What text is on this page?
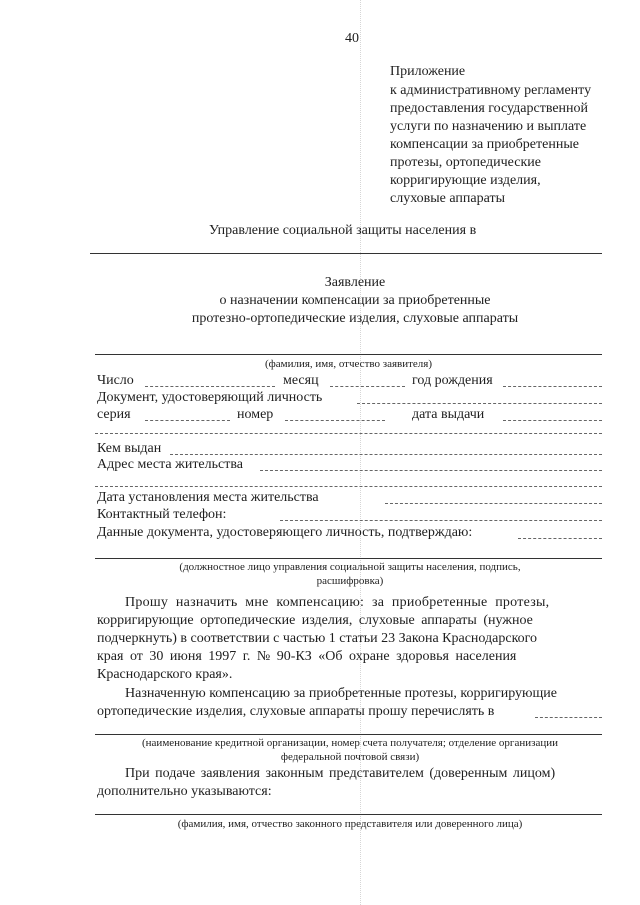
40
Приложение
к административному регламенту
предоставления государственной
услуги по назначению и выплате
компенсации за приобретенные
протезы, ортопедические
корригирующие изделия,
слуховые аппараты
Управление социальной защиты населения в
Заявление
о назначении компенсации за приобретенные
протезно-ортопедические изделия, слуховые аппараты
(фамилия, имя, отчество заявителя)
Число	месяц	год рождения
Документ, удостоверяющий личность
серия	номер	дата выдачи
Кем выдан
Адрес места жительства
Дата установления места жительства
Контактный телефон:
Данные документа, удостоверяющего личность, подтверждаю:
(должностное лицо управления социальной защиты населения, подпись,
расшифровка)
Прошу назначить мне компенсацию: за приобретенные протезы,
корригирующие ортопедические изделия, слуховые аппараты (нужное
подчеркнуть) в соответствии с частью 1 статьи 23 Закона Краснодарского
края от 30 июня 1997 г. № 90-КЗ «Об охране здоровья населения
Краснодарского края».
Назначенную компенсацию за приобретенные протезы, корригирующие
ортопедические изделия, слуховые аппараты прошу перечислять в
(наименование кредитной организации, номер счета получателя; отделение организации
федеральной почтовой связи)
При подаче заявления законным представителем (доверенным лицом)
дополнительно указываются:
(фамилия, имя, отчество законного представителя или доверенного лица)
